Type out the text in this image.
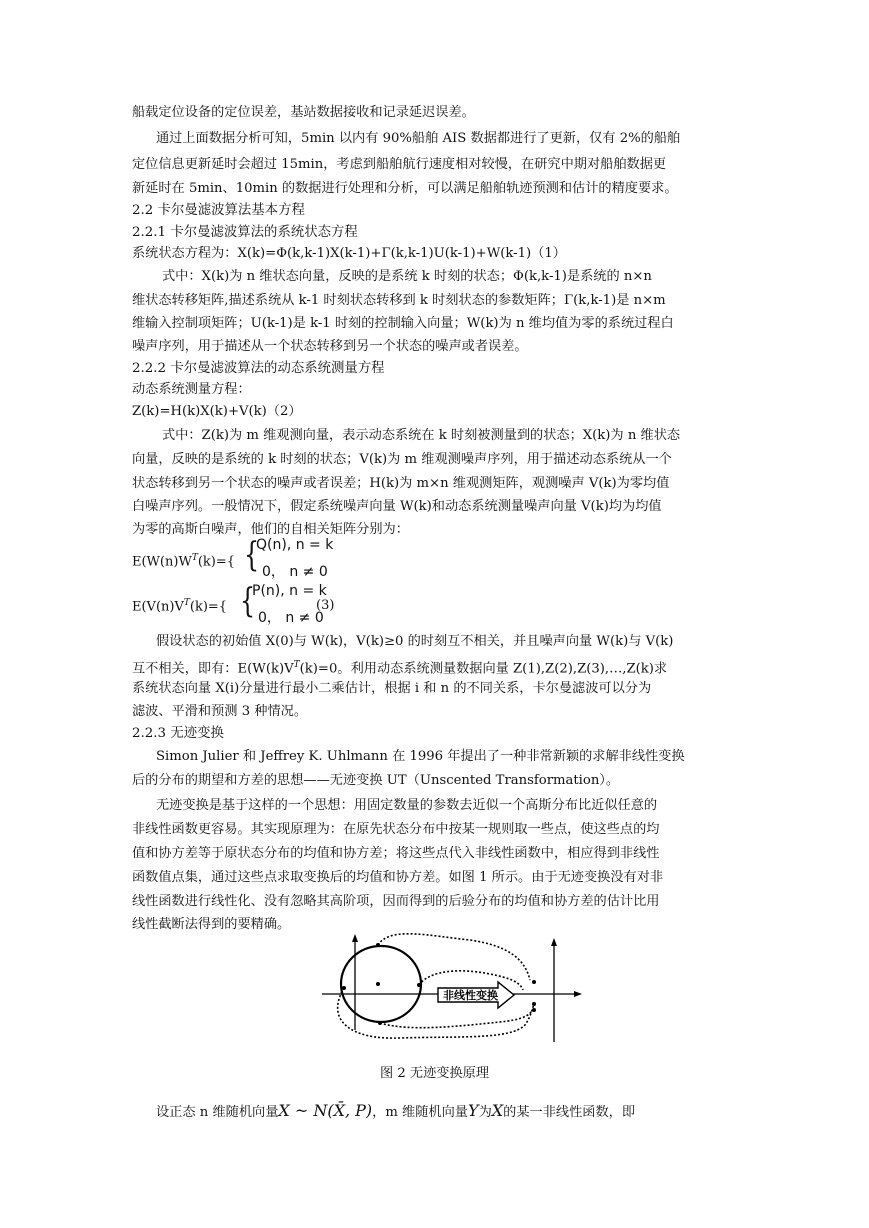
船载定位设备的定位误差，基站数据接收和记录延迟误差。
通过上面数据分析可知，5min 以内有 90%船舶 AIS 数据都进行了更新，仅有 2%的船舶
定位信息更新延时会超过 15min，考虑到船舶航行速度相对较慢，在研究中期对船舶数据更
新延时在 5min、10min 的数据进行处理和分析，可以满足船舶轨迹预测和估计的精度要求。
2.2 卡尔曼滤波算法基本方程
2.2.1 卡尔曼滤波算法的系统状态方程
系统状态方程为：X(k)=Φ(k,k-1)X(k-1)+Γ(k,k-1)U(k-1)+W(k-1)（1）
式中：X(k)为 n 维状态向量，反映的是系统 k 时刻的状态；Φ(k,k-1)是系统的 n×n
维状态转移矩阵,描述系统从 k-1 时刻状态转移到 k 时刻状态的参数矩阵；Γ(k,k-1)是 n×m
维输入控制项矩阵；U(k-1)是 k-1 时刻的控制输入向量；W(k)为 n 维均值为零的系统过程白
噪声序列，用于描述从一个状态转移到另一个状态的噪声或者误差。
2.2.2 卡尔曼滤波算法的动态系统测量方程
动态系统测量方程：
Z(k)=H(k)X(k)+V(k)（2）
式中：Z(k)为 m 维观测向量，表示动态系统在 k 时刻被测量到的状态；X(k)为 n 维状态
向量，反映的是系统的 k 时刻的状态；V(k)为 m 维观测噪声序列，用于描述动态系统从一个
状态转移到另一个状态的噪声或者误差；H(k)为 m×n 维观测矩阵，观测噪声 V(k)为零均值
白噪声序列。一般情况下，假定系统噪声向量 W(k)和动态系统测量噪声向量 V(k)均为均值
为零的高斯白噪声，他们的自相关矩阵分别为：
$E(W(n)W^T(k)=${ {
Q(n), n = k
0， n ≠ 0
$E(V(n)V^T(k)=${ {
P(n), n = k
0， n ≠ 0
(3)
假设状态的初始值 X(0)与 W(k)，V(k)≥0 的时刻互不相关，并且噪声向量 W(k)与 V(k)
互不相关，即有：$E(W(k)V^T(k)=0$。利用动态系统测量数据向量 Z(1),Z(2),Z(3),…,Z(k)求
系统状态向量 X(i)分量进行最小二乘估计，根据 i 和 n 的不同关系，卡尔曼滤波可以分为
滤波、平滑和预测 3 种情况。
2.2.3 无迹变换
Simon Julier 和 Jeffrey K. Uhlmann 在 1996 年提出了一种非常新颖的求解非线性变换
后的分布的期望和方差的思想——无迹变换 UT（Unscented Transformation）。
无迹变换是基于这样的一个思想：用固定数量的参数去近似一个高斯分布比近似任意的
非线性函数更容易。其实现原理为：在原先状态分布中按某一规则取一些点，使这些点的均
值和协方差等于原状态分布的均值和协方差；将这些点代入非线性函数中，相应得到非线性
函数值点集，通过这些点求取变换后的均值和协方差。如图 1 所示。由于无迹变换没有对非
线性函数进行线性化、没有忽略其高阶项，因而得到的后验分布的均值和协方差的估计比用
线性截断法得到的要精确。
非线性变换
图 2 无迹变换原理
设正态 n 维随机向量X ~ N(X̄, P)，m 维随机向量Y为X的某一非线性函数，即
